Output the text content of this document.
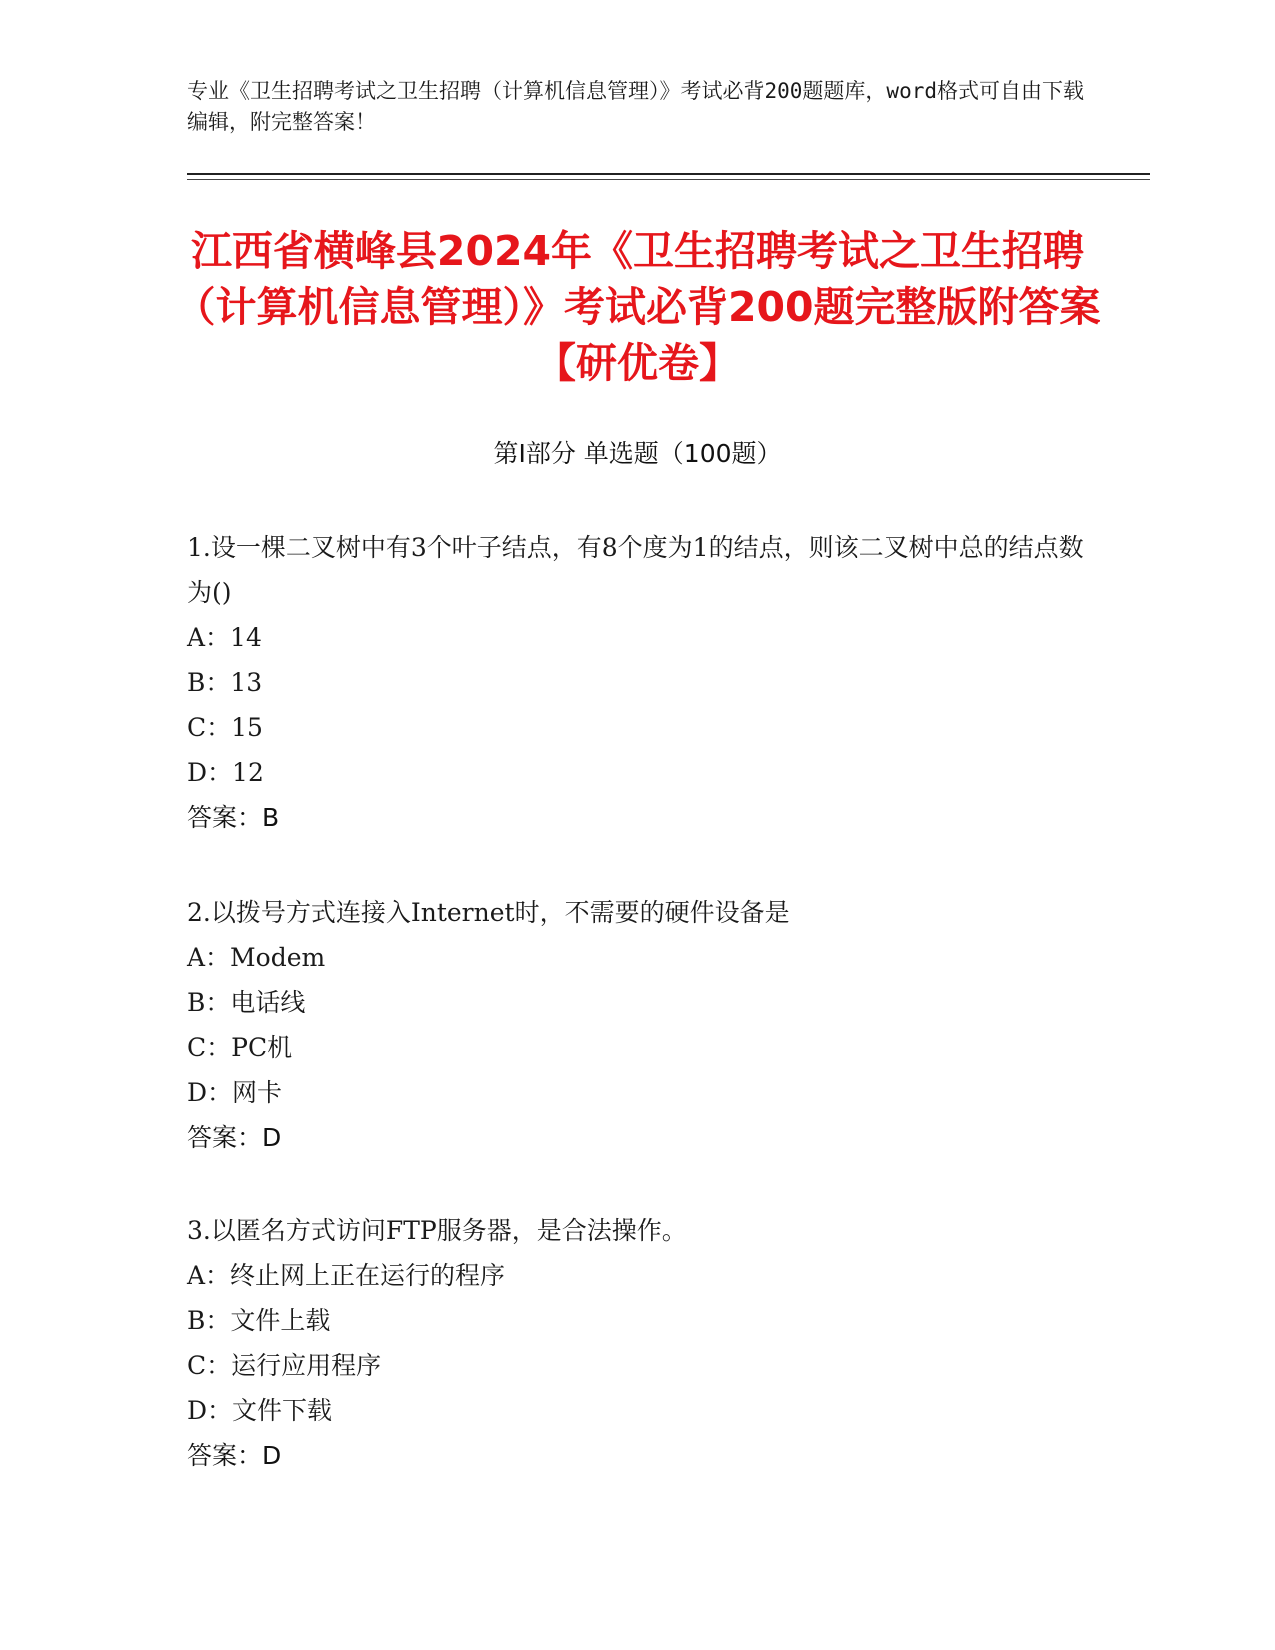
专业《卫生招聘考试之卫生招聘（计算机信息管理）》考试必背200题题库，word格式可自由下载编辑，附完整答案！
江西省横峰县2024年《卫生招聘考试之卫生招聘（计算机信息管理）》考试必背200题完整版附答案【研优卷】
第Ⅰ部分 单选题（100题）

1.设一棵二叉树中有3个叶子结点，有8个度为1的结点，则该二叉树中总的结点数为()

A：14

B：13

C：15

D：12

答案：B

2.以拨号方式连接入Internet时，不需要的硬件设备是

A：Modem

B：电话线

C：PC机

D：网卡

答案：D

3.以匿名方式访问FTP服务器，是合法操作。

A：终止网上正在运行的程序

B：文件上载

C：运行应用程序

D：文件下载

答案：D
